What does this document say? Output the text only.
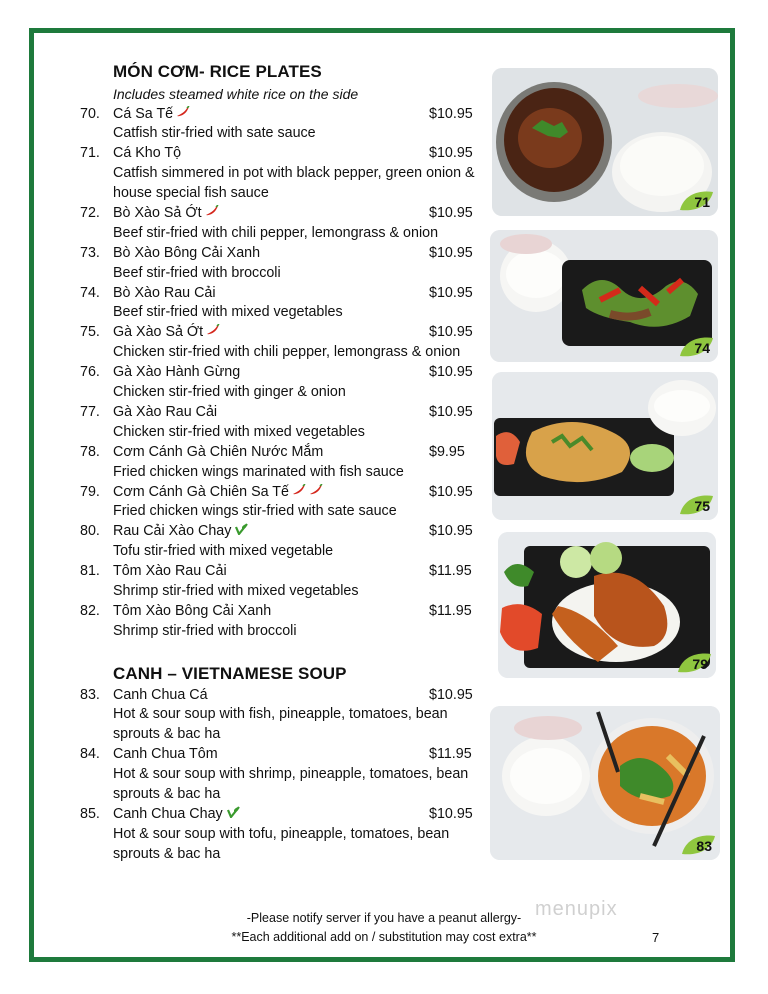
MÓN CƠM- RICE PLATES
Includes steamed white rice on the side
70. Cá Sa Tế	$10.95
Catfish stir-fried with sate sauce
71. Cá Kho Tộ	$10.95
Catfish simmered in pot with black pepper, green onion & house special fish sauce
72. Bò Xào Sả Ớt	$10.95
Beef stir-fried with chili pepper, lemongrass & onion
73. Bò Xào Bông Cải Xanh	$10.95
Beef stir-fried with broccoli
74. Bò Xào Rau Cải	$10.95
Beef stir-fried with mixed vegetables
75. Gà Xào Sả Ớt	$10.95
Chicken stir-fried with chili pepper, lemongrass & onion
76. Gà Xào Hành Gừng	$10.95
Chicken stir-fried with ginger & onion
77. Gà Xào Rau Cải	$10.95
Chicken stir-fried with mixed vegetables
78. Cơm Cánh Gà Chiên Nước Mắm	$9.95
Fried chicken wings marinated with fish sauce
79. Cơm Cánh Gà Chiên Sa Tế	$10.95
Fried chicken wings stir-fried with sate sauce
80. Rau Cải Xào Chay	$10.95
Tofu stir-fried with mixed vegetable
81. Tôm Xào Rau Cải	$11.95
Shrimp stir-fried with mixed vegetables
82. Tôm Xào Bông Cải Xanh	$11.95
Shrimp stir-fried with broccoli
CANH – VIETNAMESE SOUP
83. Canh Chua Cá	$10.95
Hot & sour soup with fish, pineapple, tomatoes, bean sprouts & bac ha
84. Canh Chua Tôm	$11.95
Hot & sour soup with shrimp, pineapple, tomatoes, bean sprouts & bac ha
85. Canh Chua Chay	$10.95
Hot & sour soup with tofu, pineapple, tomatoes, bean sprouts & bac ha
71
74
75
79
83
menupix
-Please notify server if you have a peanut allergy-
**Each additional add on / substitution may cost extra**	7
